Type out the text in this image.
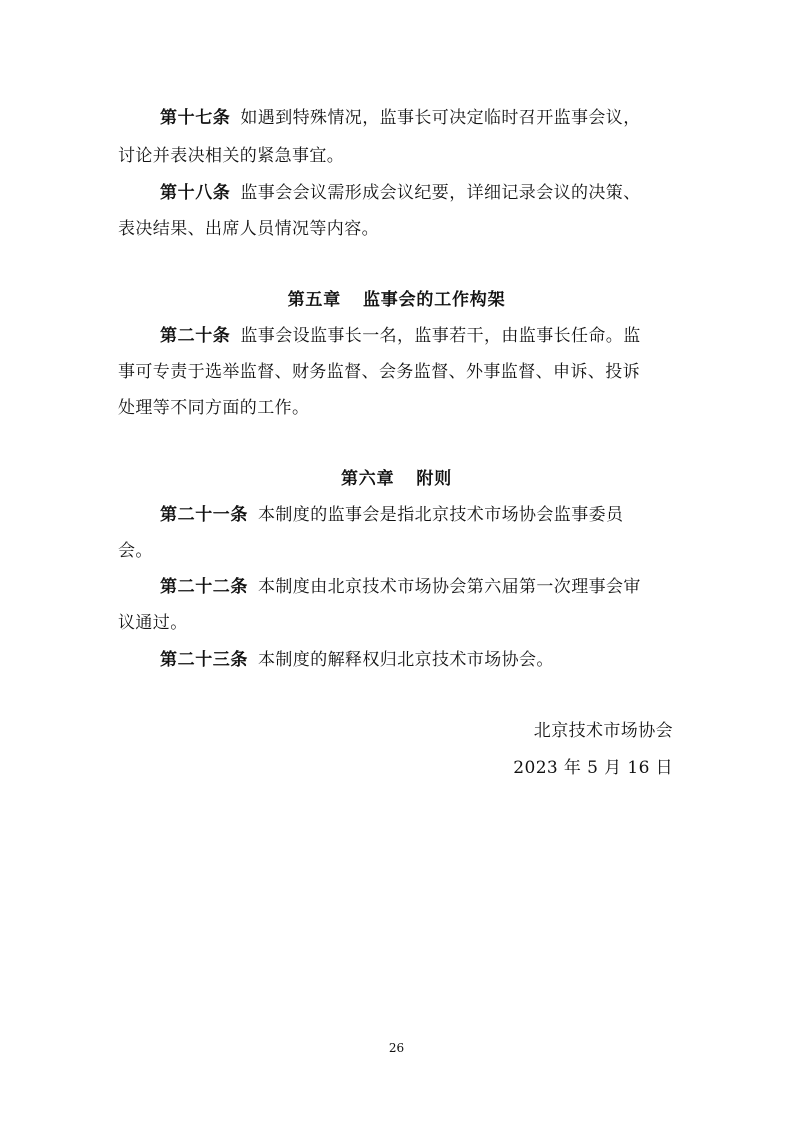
第十七条 如遇到特殊情况，监事长可决定临时召开监事会议，
讨论并表决相关的紧急事宜。
第十八条 监事会会议需形成会议纪要，详细记录会议的决策、
表决结果、出席人员情况等内容。
第五章 监事会的工作构架
第二十条 监事会设监事长一名，监事若干，由监事长任命。监
事可专责于选举监督、财务监督、会务监督、外事监督、申诉、投诉
处理等不同方面的工作。
第六章 附则
第二十一条 本制度的监事会是指北京技术市场协会监事委员
会。
第二十二条 本制度由北京技术市场协会第六届第一次理事会审
议通过。
第二十三条 本制度的解释权归北京技术市场协会。
北京技术市场协会
2023 年 5 月 16 日
26
